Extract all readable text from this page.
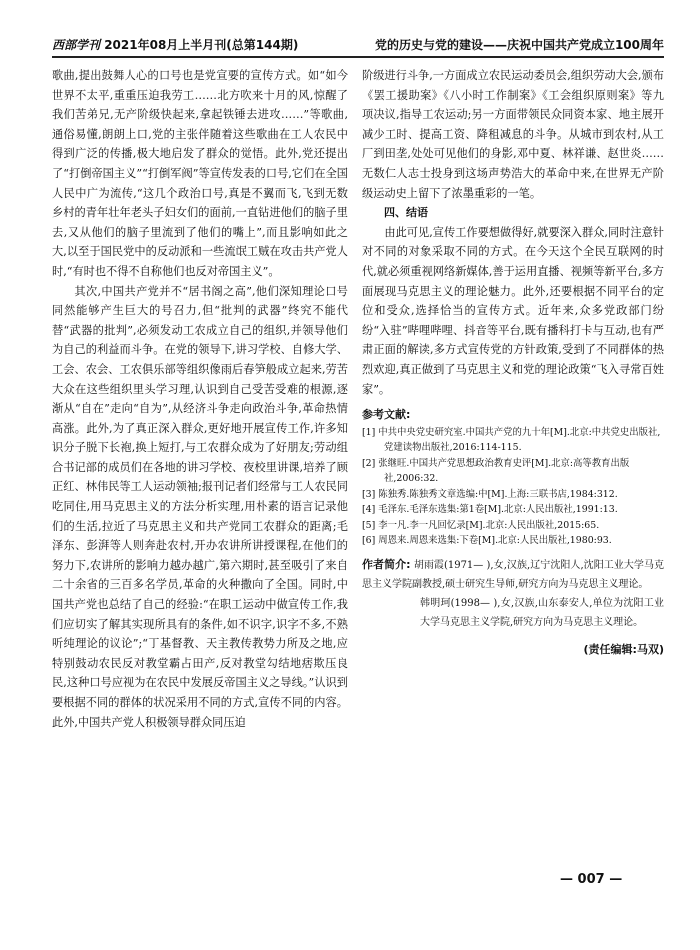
西部学刊 2021年08月上半月刊(总第144期)	党的历史与党的建设——庆祝中国共产党成立100周年

歌曲,提出鼓舞人心的口号也是党宣要的宣传方式。如“如今世界不太平,重重压迫我劳工……北方吹来十月的风,惊醒了我们苦弟兄,无产阶级快起来,拿起铁锤去进攻……”等歌曲,通俗易懂,朗朗上口,党的主张伴随着这些歌曲在工人农民中得到广泛的传播,极大地启发了群众的觉悟。此外,党还提出了“打倒帝国主义”“打倒军阀”等宣传发表的口号,它们在全国人民中广为流传,“这几个政治口号,真是不翼而飞,飞到无数乡村的青年壮年老头子妇女们的面前,一直钻进他们的脑子里去,又从他们的脑子里流到了他们的嘴上”,而且影响如此之大,以至于国民党中的反动派和一些流氓工贼在攻击共产党人时,“有时也不得不自称他们也反对帝国主义”。

其次,中国共产党并不“居书阁之高”,他们深知理论口号同然能够产生巨大的号召力,但“批判的武器”终究不能代替“武器的批判”,必须发动工农成立自己的组织,并领导他们为自己的利益而斗争。在党的领导下,讲习学校、自修大学、工会、农会、工农俱乐部等组织像雨后春笋般成立起来,劳苦大众在这些组织里头学习理,认识到自己受苦受难的根源,逐渐从“自在”走向“自为”,从经济斗争走向政治斗争,革命热情高涨。此外,为了真正深入群众,更好地开展宣传工作,许多知识分子脱下长袍,换上短打,与工农群众成为了好朋友;劳动组合书记部的成员们在各地的讲习学校、夜校里讲课,培养了顾正红、林伟民等工人运动领袖;报刊记者们经常与工人农民同吃同住,用马克思主义的方法分析实理,用朴素的语言记录他们的生活,拉近了马克思主义和共产党同工农群众的距离;毛泽东、彭湃等人则奔赴农村,开办农讲所讲授课程,在他们的努力下,农讲所的影响力越办越广,第六期时,甚至吸引了来自二十余省的三百多名学员,革命的火种撒向了全国。同时,中国共产党也总结了自己的经验:“在职工运动中做宣传工作,我们应切实了解其实现所具有的条件,如不识字,识字不多,不熟听纯理论的议论”;“丁基督教、天主教传教势力所及之地,应特别鼓动农民反对教堂霸占田产,反对教堂勾结地痞欺压良民,这种口号应视为在农民中发展反帝国主义之导线。”认识到要根据不同的群体的状况采用不同的方式,宣传不同的内容。此外,中国共产党人积极领导群众同压迫

阶级进行斗争,一方面成立农民运动委员会,组织劳动大会,颁布《罢工援助案》《八小时工作制案》《工会组织原则案》等九项决议,指导工农运动;另一方面带领民众同资本家、地主展开减少工时、提高工资、降租减息的斗争。从城市到农村,从工厂到田垄,处处可见他们的身影,邓中夏、林祥谦、赵世炎……无数仁人志士投身到这场声势浩大的革命中来,在世界无产阶级运动史上留下了浓墨重彩的一笔。

四、结语

由此可见,宣传工作要想做得好,就要深入群众,同时注意针对不同的对象采取不同的方式。在今天这个全民互联网的时代,就必须重视网络新媒体,善于运用直播、视频等新平台,多方面展现马克思主义的理论魅力。此外,还要根据不同平台的定位和受众,选择恰当的宣传方式。近年来,众多党政部门纷纷“入驻”哔哩哔哩、抖音等平台,既有播科打卡与互动,也有严肃正面的解读,多方式宣传党的方针政策,受到了不同群体的热烈欢迎,真正做到了马克思主义和党的理论政策“飞入寻常百姓家”。

参考文献:
[1] 中共中央党史研究室.中国共产党的九十年[M].北京:中共党史出版社,党建读物出版社,2016:114-115.
[2] 张继旺.中国共产党思想政治教育史评[M].北京:高等教育出版社,2006:32.
[3] 陈独秀.陈独秀文章选编:中[M].上海:三联书店,1984:312.
[4] 毛泽东.毛泽东选集:第1卷[M].北京:人民出版社,1991:13.
[5] 李一凡.李一凡回忆录[M].北京:人民出版社,2015:65.
[6] 周恩来.周恩来选集:下卷[M].北京:人民出版社,1980:93.
作者简介: 胡雨霞(1971— ),女,汉族,辽宁沈阳人,沈阳工业大学马克思主义学院副教授,硕士研究生导师,研究方向为马克思主义理论。
韩明珂(1998— ),女,汉族,山东泰安人,单位为沈阳工业大学马克思主义学院,研究方向为马克思主义理论。
(责任编辑:马双)
— 007 —
